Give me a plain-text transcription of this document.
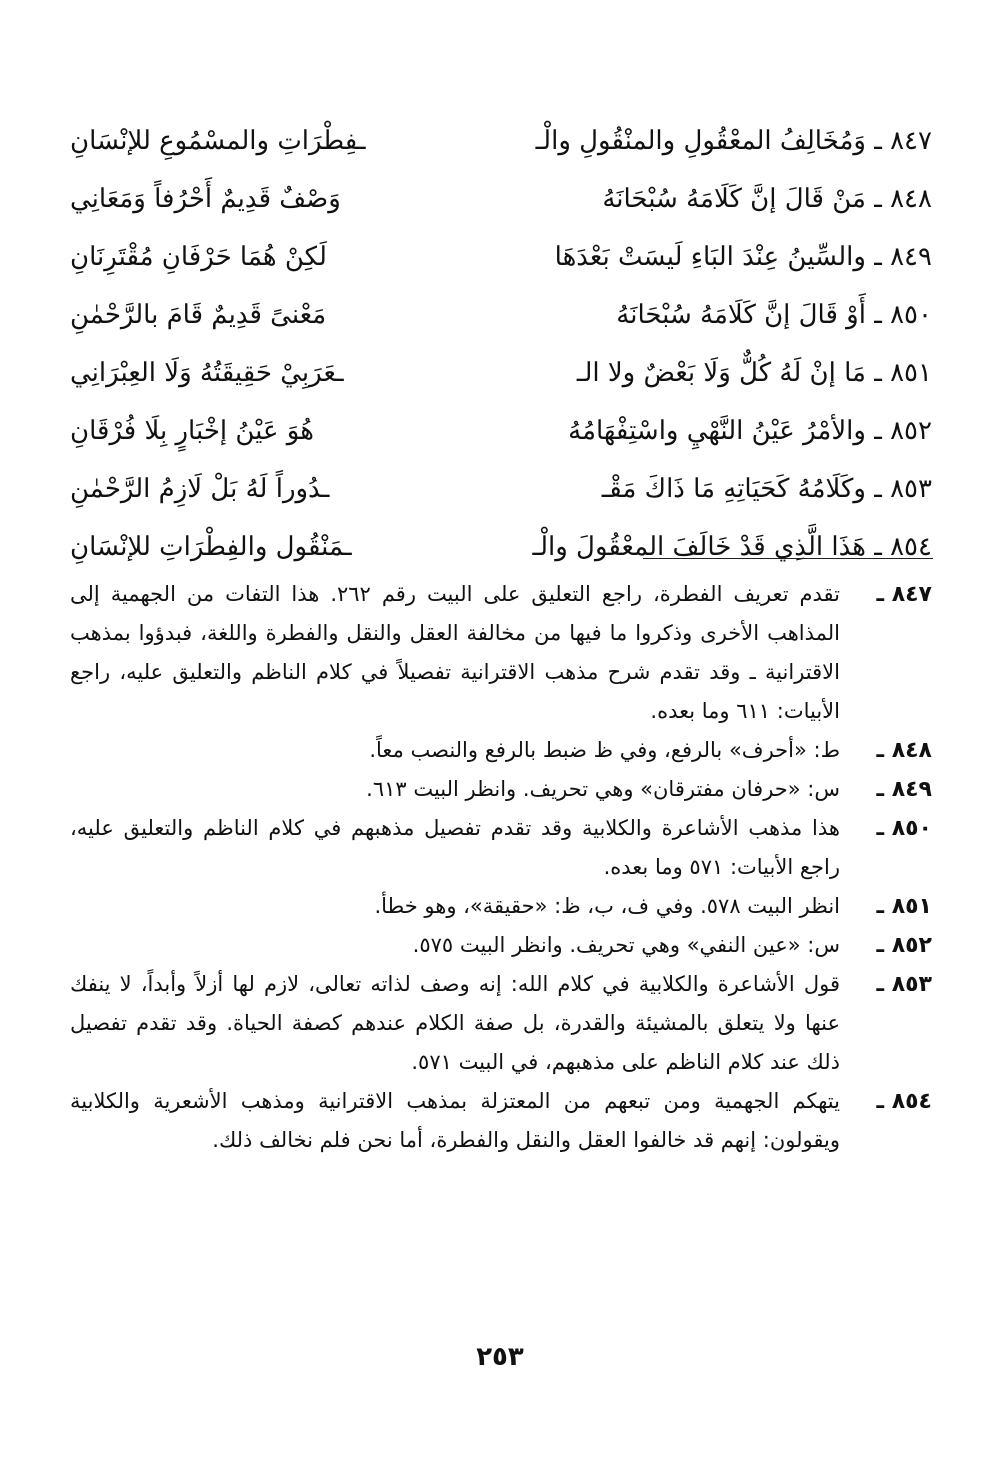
٨٤٧ ـ وَمُخَالِفُ المعْقُولِ والمنْقُولِ والْـ
ـفِطْرَاتِ والمسْمُوعِ للإنْسَانِ
٨٤٨ ـ مَنْ قَالَ إنَّ كَلَامَهُ سُبْحَانَهُ
وَصْفٌ قَدِيمٌ أَحْرُفاً وَمَعَانِي
٨٤٩ ـ والسِّينُ عِنْدَ البَاءِ لَيسَتْ بَعْدَهَا
لَكِنْ هُمَا حَرْفَانِ مُقْتَرِنَانِ
٨٥٠ ـ أَوْ قَالَ إنَّ كَلَامَهُ سُبْحَانَهُ
مَعْنىً قَدِيمٌ قَامَ بالرَّحْمٰنِ
٨٥١ ـ مَا إنْ لَهُ كُلٌّ وَلَا بَعْضٌ ولا الـ
ـعَرَبِيْ حَقِيقَتُهُ وَلَا العِبْرَانِي
٨٥٢ ـ والأمْرُ عَيْنُ النَّهْيِ واسْتِفْهَامُهُ
هُوَ عَيْنُ إخْبَارٍ بِلَا فُرْقَانِ
٨٥٣ ـ وكَلَامُهُ كَحَيَاتِهِ مَا ذَاكَ مَقْـ
ـدُوراً لَهُ بَلْ لَازِمُ الرَّحْمٰنِ
٨٥٤ ـ هَذَا الَّذِي قَدْ خَالَفَ المعْقُولَ والْـ
ـمَنْقُول والفِطْرَاتِ للإنْسَانِ
٨٤٧ ـ
تقدم تعريف الفطرة، راجع التعليق على البيت رقم ٢٦٢. هذا التفات من الجهمية إلى المذاهب الأخرى وذكروا ما فيها من مخالفة العقل والنقل والفطرة واللغة، فبدؤوا بمذهب الاقترانية ـ وقد تقدم شرح مذهب الاقترانية تفصيلاً في كلام الناظم والتعليق عليه، راجع الأبيات: ٦١١ وما بعده.
٨٤٨ ـ
ط: «أحرف» بالرفع، وفي ظ ضبط بالرفع والنصب معاً.
٨٤٩ ـ
س: «حرفان مفترقان» وهي تحريف. وانظر البيت ٦١٣.
٨٥٠ ـ
هذا مذهب الأشاعرة والكلابية وقد تقدم تفصيل مذهبهم في كلام الناظم والتعليق عليه، راجع الأبيات: ٥٧١ وما بعده.
٨٥١ ـ
انظر البيت ٥٧٨. وفي ف، ب، ظ: «حقيقة»، وهو خطأ.
٨٥٢ ـ
س: «عين النفي» وهي تحريف. وانظر البيت ٥٧٥.
٨٥٣ ـ
قول الأشاعرة والكلابية في كلام الله: إنه وصف لذاته تعالى، لازم لها أزلاً وأبداً، لا ينفك عنها ولا يتعلق بالمشيئة والقدرة، بل صفة الكلام عندهم كصفة الحياة. وقد تقدم تفصيل ذلك عند كلام الناظم على مذهبهم، في البيت ٥٧١.
٨٥٤ ـ
يتهكم الجهمية ومن تبعهم من المعتزلة بمذهب الاقترانية ومذهب الأشعرية والكلابية ويقولون: إنهم قد خالفوا العقل والنقل والفطرة، أما نحن فلم نخالف ذلك.
٢٥٣
